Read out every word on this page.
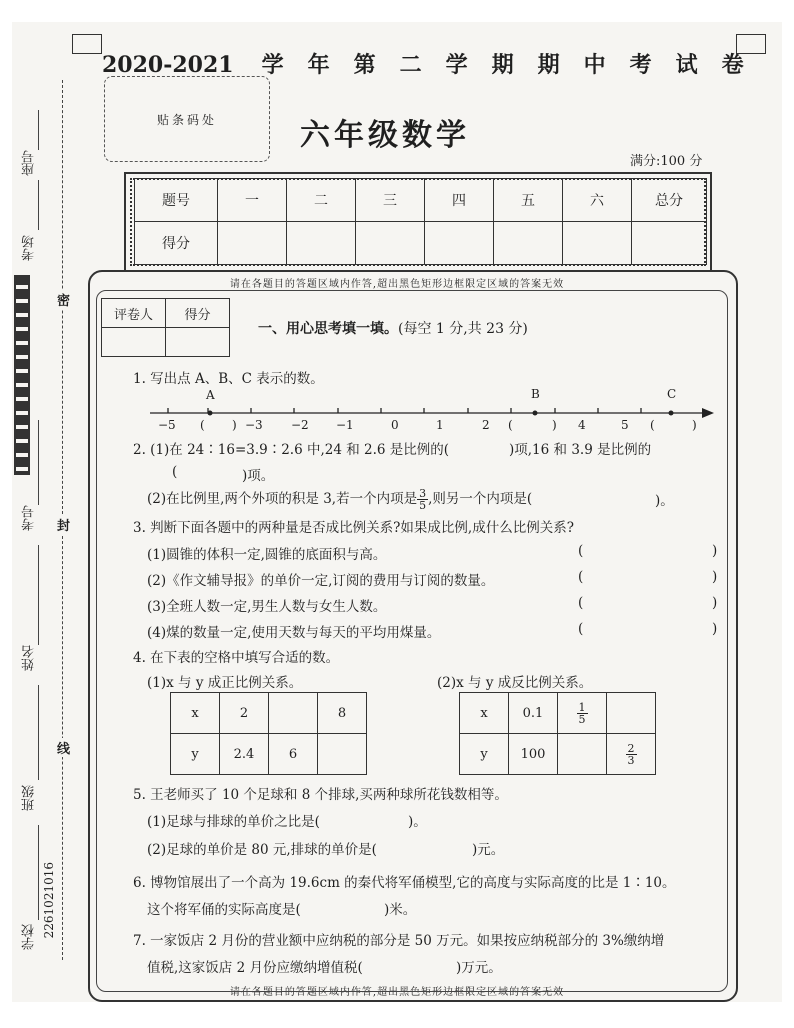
座号
考场
考号
姓名
班级
学校 2261021016
密
封
线
2020-2021 学年第二学期期中考试卷
贴条码处	六年级数学
满分:100 分
题号	一	二	三	四	五	六	总分
得分							
请在各题目的答题区域内作答,超出黑色矩形边框限定区域的答案无效
请在各题目的答题区域内作答,超出黑色矩形边框限定区域的答案无效
评卷人	得分

一、用心思考填一填。(每空 1 分,共 23 分)
1. 写出点 A、B、C 表示的数。
A	B	C
−5 ( ) −3 −2 −1	0	1	2 (	) 4	5 (	)
2. (1)在 24∶16=3.9∶2.6 中,24 和 2.6 是比例的(	)项,16 和 3.9 是比例的
(	)项。
(2)在比例里,两个外项的积是 3,若一个内项是 $\frac{3}{5}$ ,则另一个内项是(	)。
3. 判断下面各题中的两种量是否成比例关系?如果成比例,成什么比例关系?
(1)圆锥的体积一定,圆锥的底面积与高。
(2)《作文辅导报》的单价一定,订阅的费用与订阅的数量。
(3)全班人数一定,男生人数与女生人数。
(4)煤的数量一定,使用天数与每天的平均用煤量。
(	)
(	)
(	)
(	)
4. 在下表的空格中填写合适的数。
(1)x 与 y 成正比例关系。	(2)x 与 y 成反比例关系。
x	2		8
y	2.4	6	
x	0.1	$\frac{1}{5}$

y	100		$\frac{2}{3}$
5. 王老师买了 10 个足球和 8 个排球,买两种球所花钱数相等。
(1)足球与排球的单价之比是(	)。
(2)足球的单价是 80 元,排球的单价是(	)元。
6. 博物馆展出了一个高为 19.6cm 的秦代将军俑模型,它的高度与实际高度的比是 1∶10。
这个将军俑的实际高度是(	)米。
7. 一家饭店 2 月份的营业额中应纳税的部分是 50 万元。如果按应纳税部分的 3%缴纳增
值税,这家饭店 2 月份应缴纳增值税(	)万元。
